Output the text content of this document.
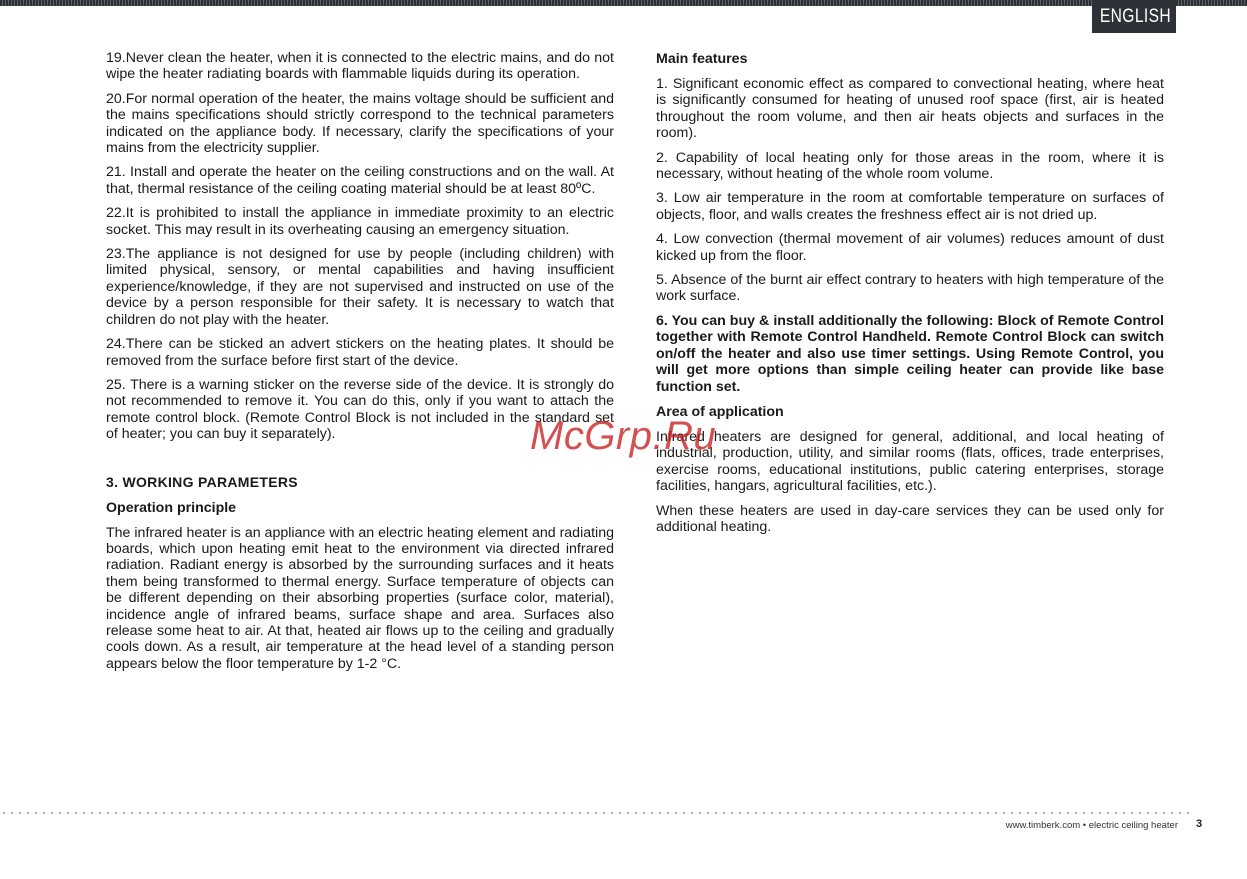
ENGLISH

19.Never clean the heater, when it is connected to the electric mains, and do not wipe the heater radiating boards with flammable liquids during its operation.

20.For normal operation of the heater, the mains voltage should be sufficient and the mains specifications should strictly correspond to the technical parameters indicated on the appliance body. If necessary, clarify the specifications of your mains from the electricity supplier.

21. Install and operate the heater on the ceiling constructions and on the wall. At that, thermal resistance of the ceiling coating material should be at least 80ºC.

22.It is prohibited to install the appliance in immediate proximity to an electric socket. This may result in its overheating causing an emergency situation.

23.The appliance is not designed for use by people (including children) with limited physical, sensory, or mental capabilities and having insufficient experience/knowledge, if they are not supervised and instructed on use of the device by a person responsible for their safety. It is necessary to watch that children do not play with the heater.

24.There can be sticked an advert stickers on the heating plates. It should be removed from the surface before first start of the device.

25. There is a warning sticker on the reverse side of the device. It is strongly do not recommended to remove it. You can do this, only if you want to attach the remote control block. (Remote Control Block is not included in the standard set of heater; you can buy it separately).

3. WORKING PARAMETERS
Operation principle

The infrared heater is an appliance with an electric heating element and radiating boards, which upon heating emit heat to the environment via directed infrared radiation. Radiant energy is absorbed by the surrounding surfaces and it heats them being transformed to thermal energy. Surface temperature of objects can be different depending on their absorbing properties (surface color, material), incidence angle of infrared beams, surface shape and area. Surfaces also release some heat to air. At that, heated air flows up to the ceiling and gradually cools down. As a result, air temperature at the head level of a standing person appears below the floor temperature by 1-2 °C.

Main features

1. Significant economic effect as compared to convectional heating, where heat is significantly consumed for heating of unused roof space (first, air is heated throughout the room volume, and then air heats objects and surfaces in the room).

2. Capability of local heating only for those areas in the room, where it is necessary, without heating of the whole room volume.

3. Low air temperature in the room at comfortable temperature on surfaces of objects, floor, and walls creates the freshness effect air is not dried up.

4. Low convection (thermal movement of air volumes) reduces amount of dust kicked up from the floor.

5. Absence of the burnt air effect contrary to heaters with high temperature of the work surface.

6. You can buy & install additionally the following: Block of Remote Control together with Remote Control Handheld. Remote Control Block can switch on/off the heater and also use timer settings. Using Remote Control, you will get more options than simple ceiling heater can provide like base function set.

Area of application

Infrared heaters are designed for general, additional, and local heating of industrial, production, utility, and similar rooms (flats, offices, trade enterprises, exercise rooms, educational institutions, public catering enterprises, storage facilities, hangars, agricultural facilities, etc.).

When these heaters are used in day-care services they can be used only for additional heating.

McGrp.Ru
www.timberk.com • electric ceiling heater 3
